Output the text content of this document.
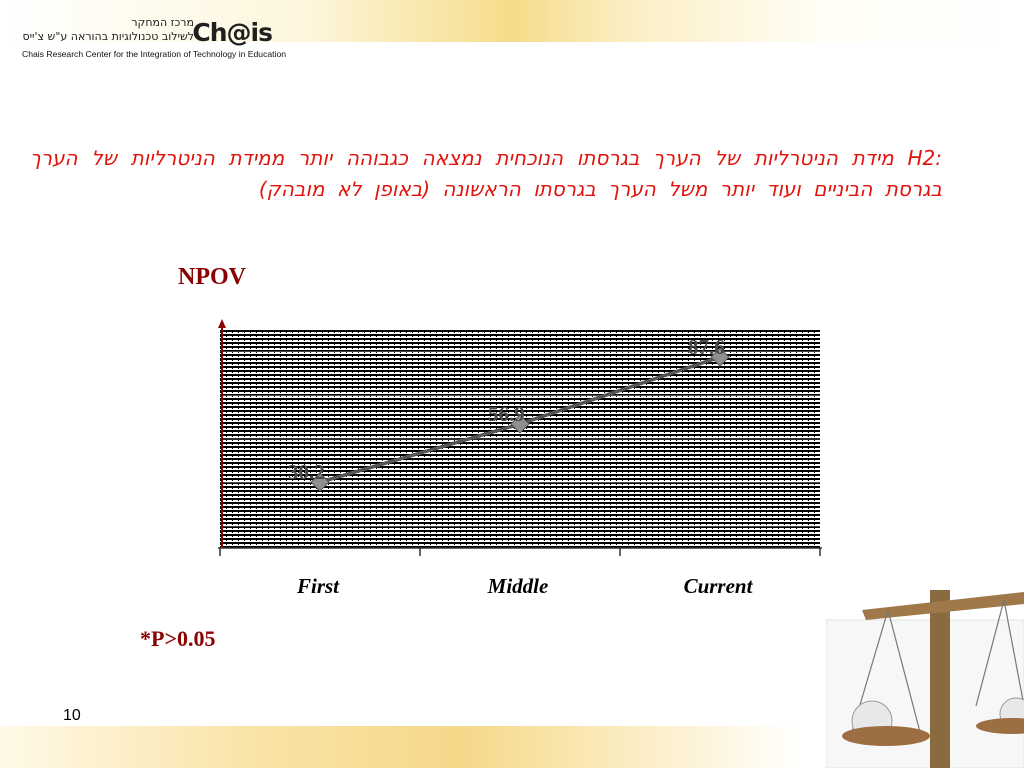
מרכז המחקר
לשילוב טכנולוגיות בהוראה ע"ש צ'ייס
Ch@is
Chais Research Center for the Integration of Technology in Education
:H2 מידת הניטרליות של הערך בגרסתו הנוכחית נמצאה כגבוהה יותר ממידת הניטרליות של הערך בגרסת הביניים ועוד יותר משל הערך בגרסתו הראשונה (באופן לא מובהק)
NPOV
First	Middle	Current
30.2
56.9
87.6
*P>0.05
10
